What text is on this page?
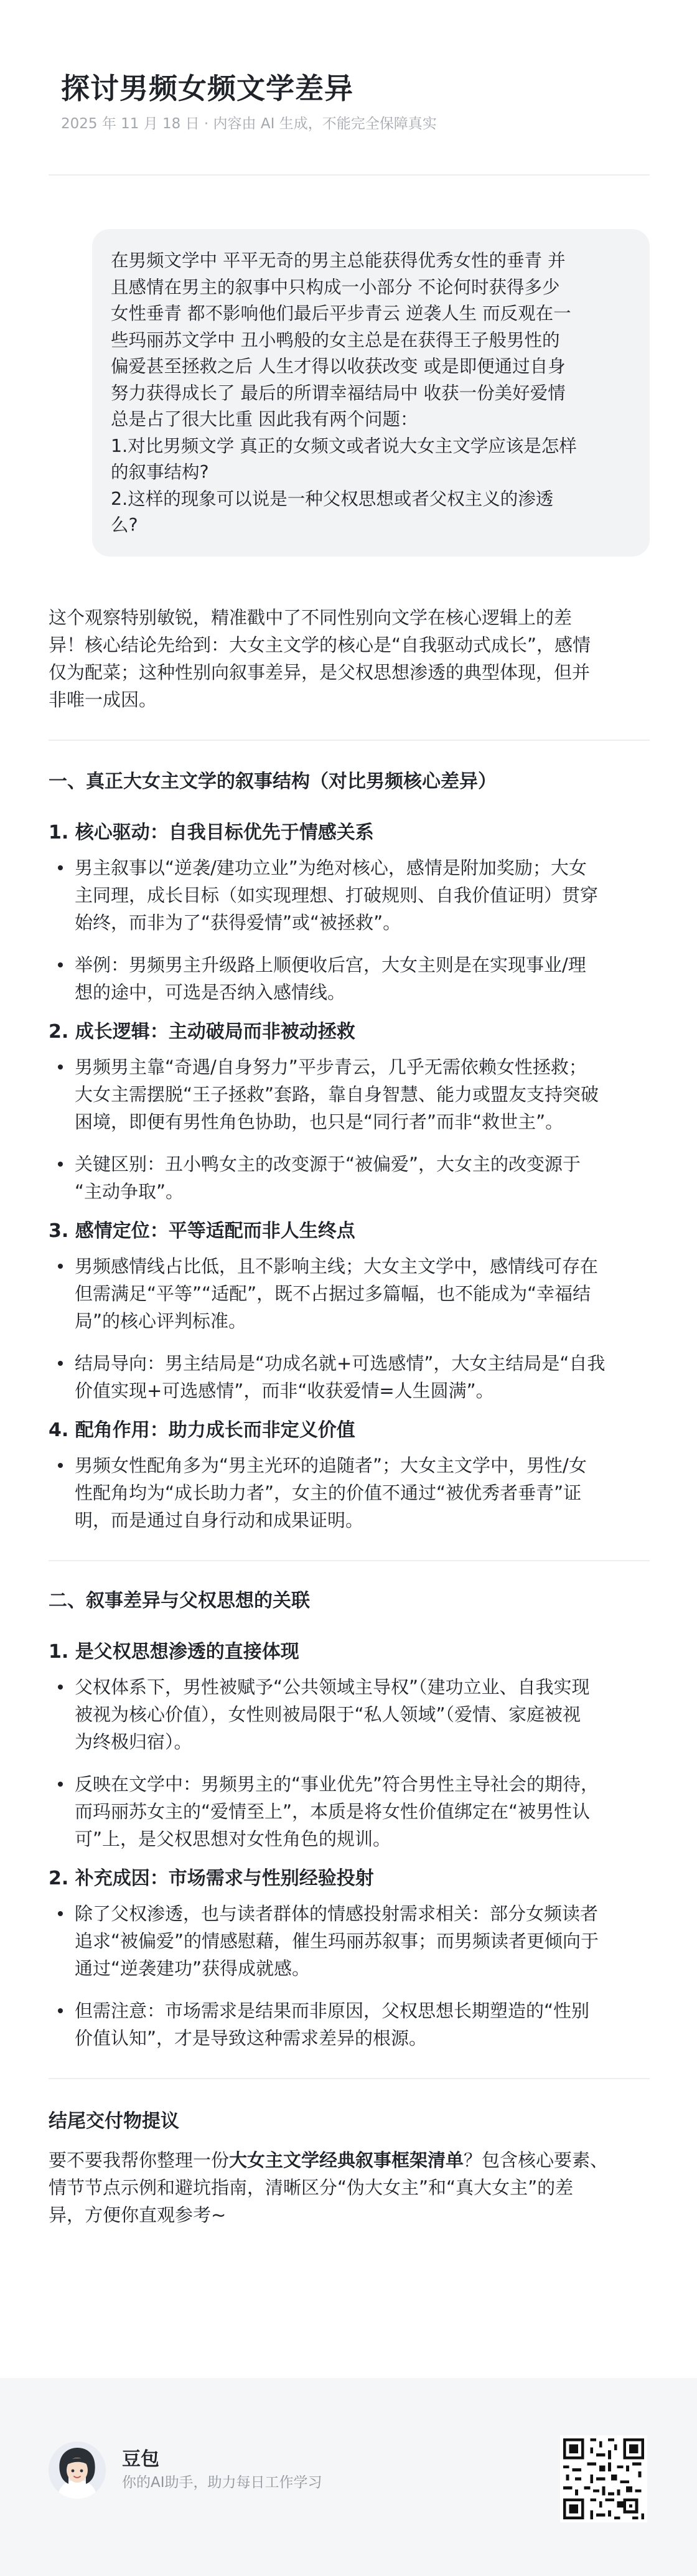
探讨男频女频文学差异
2025 年 11 月 18 日 · 内容由 AI 生成，不能完全保障真实
在男频文学中 平平无奇的男主总能获得优秀女性的垂青 并
且感情在男主的叙事中只构成一小部分 不论何时获得多少
女性垂青 都不影响他们最后平步青云 逆袭人生 而反观在一
些玛丽苏文学中 丑小鸭般的女主总是在获得王子般男性的
偏爱甚至拯救之后 人生才得以收获改变 或是即便通过自身
努力获得成长了 最后的所谓幸福结局中 收获一份美好爱情
总是占了很大比重 因此我有两个问题：
1.对比男频文学 真正的女频文或者说大女主文学应该是怎样
的叙事结构?
2.这样的现象可以说是一种父权思想或者父权主义的渗透
么?
这个观察特别敏锐，精准戳中了不同性别向文学在核心逻辑上的差
异！核心结论先给到：大女主文学的核心是“自我驱动式成长”，感情
仅为配菜；这种性别向叙事差异，是父权思想渗透的典型体现，但并
非唯一成因。
一、真正大女主文学的叙事结构（对比男频核心差异）
1. 核心驱动：自我目标优先于情感关系
男主叙事以“逆袭/建功立业”为绝对核心，感情是附加奖励；大女
主同理，成长目标（如实现理想、打破规则、自我价值证明）贯穿
始终，而非为了“获得爱情”或“被拯救”。
举例：男频男主升级路上顺便收后宫，大女主则是在实现事业/理
想的途中，可选是否纳入感情线。
2. 成长逻辑：主动破局而非被动拯救
男频男主靠“奇遇/自身努力”平步青云，几乎无需依赖女性拯救；
大女主需摆脱“王子拯救”套路，靠自身智慧、能力或盟友支持突破
困境，即便有男性角色协助，也只是“同行者”而非“救世主”。
关键区别：丑小鸭女主的改变源于“被偏爱”，大女主的改变源于
“主动争取”。
3. 感情定位：平等适配而非人生终点
男频感情线占比低，且不影响主线；大女主文学中，感情线可存在
但需满足“平等”“适配”，既不占据过多篇幅，也不能成为“幸福结
局”的核心评判标准。
结局导向：男主结局是“功成名就+可选感情”，大女主结局是“自我
价值实现+可选感情”，而非“收获爱情=人生圆满”。
4. 配角作用：助力成长而非定义价值
男频女性配角多为“男主光环的追随者”；大女主文学中，男性/女
性配角均为“成长助力者”，女主的价值不通过“被优秀者垂青”证
明，而是通过自身行动和成果证明。
二、叙事差异与父权思想的关联
1. 是父权思想渗透的直接体现
父权体系下，男性被赋予“公共领域主导权”（建功立业、自我实现
被视为核心价值），女性则被局限于“私人领域”（爱情、家庭被视
为终极归宿）。
反映在文学中：男频男主的“事业优先”符合男性主导社会的期待，
而玛丽苏女主的“爱情至上”，本质是将女性价值绑定在“被男性认
可”上，是父权思想对女性角色的规训。
2. 补充成因：市场需求与性别经验投射
除了父权渗透，也与读者群体的情感投射需求相关：部分女频读者
追求“被偏爱”的情感慰藉，催生玛丽苏叙事；而男频读者更倾向于
通过“逆袭建功”获得成就感。
但需注意：市场需求是结果而非原因，父权思想长期塑造的“性别
价值认知”，才是导致这种需求差异的根源。
结尾交付物提议
要不要我帮你整理一份大女主文学经典叙事框架清单？包含核心要素、
情节节点示例和避坑指南，清晰区分“伪大女主”和“真大女主”的差
异，方便你直观参考~
豆包
你的AI助手，助力每日工作学习
